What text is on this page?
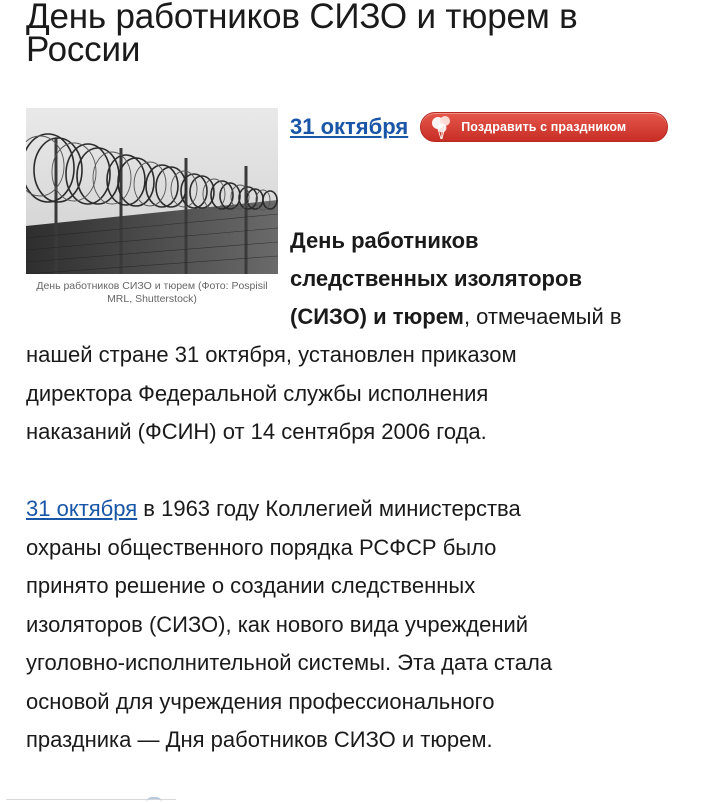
День работников СИЗО и тюрем в России
День работников СИЗО и тюрем (Фото: Pospisil MRL, Shutterstock)
31 октября	Поздравить с праздником
День работников
следственных изоляторов
(СИЗО) и тюрем, отмечаемый в
нашей стране 31 октября, установлен приказом
директора Федеральной службы исполнения
наказаний (ФСИН) от 14 сентября 2006 года.
31 октября в 1963 году Коллегией министерства
охраны общественного порядка РСФСР было
принято решение о создании следственных
изоляторов (СИЗО), как нового вида учреждений
уголовно-исполнительной системы. Эта дата стала
основой для учреждения профессионального
праздника — Дня работников СИЗО и тюрем.
